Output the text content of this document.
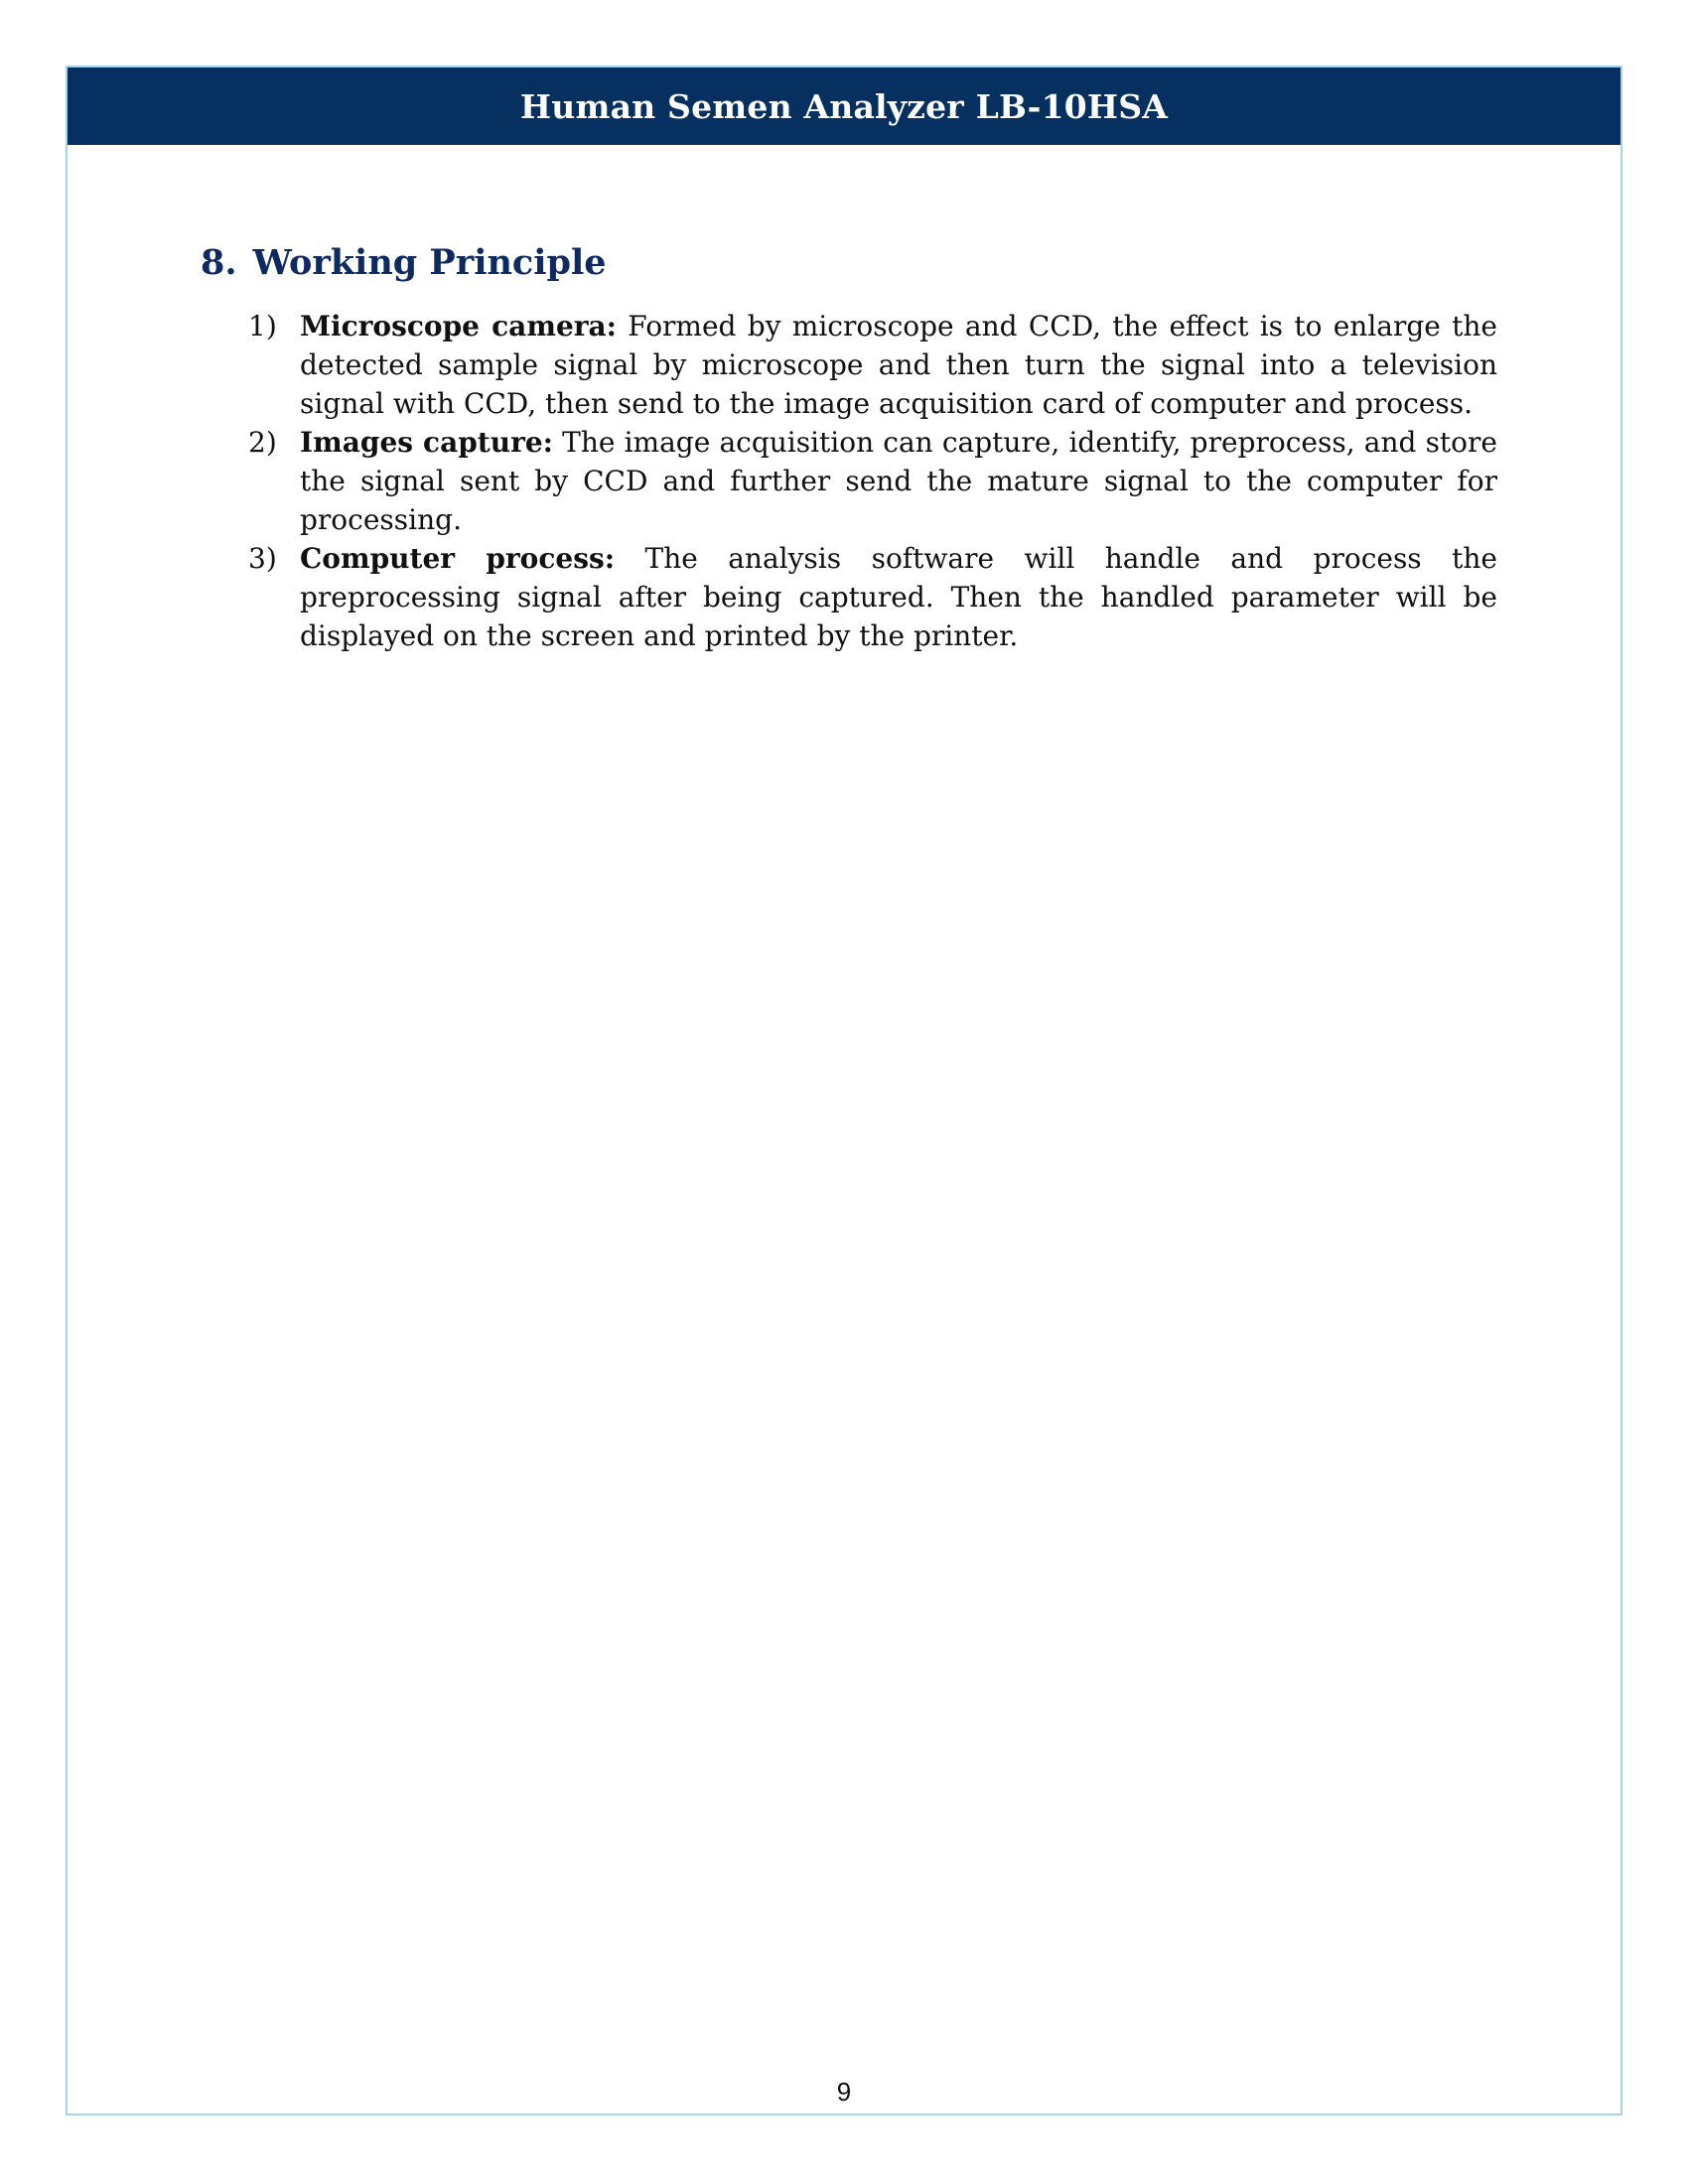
Human Semen Analyzer LB-10HSA
8. Working Principle
1) Microscope camera: Formed by microscope and CCD, the effect is to enlarge the detected sample signal by microscope and then turn the signal into a television signal with CCD, then send to the image acquisition card of computer and process.
2) Images capture: The image acquisition can capture, identify, preprocess, and store the signal sent by CCD and further send the mature signal to the computer for processing.
3) Computer process: The analysis software will handle and process the preprocessing signal after being captured. Then the handled parameter will be displayed on the screen and printed by the printer.
9
